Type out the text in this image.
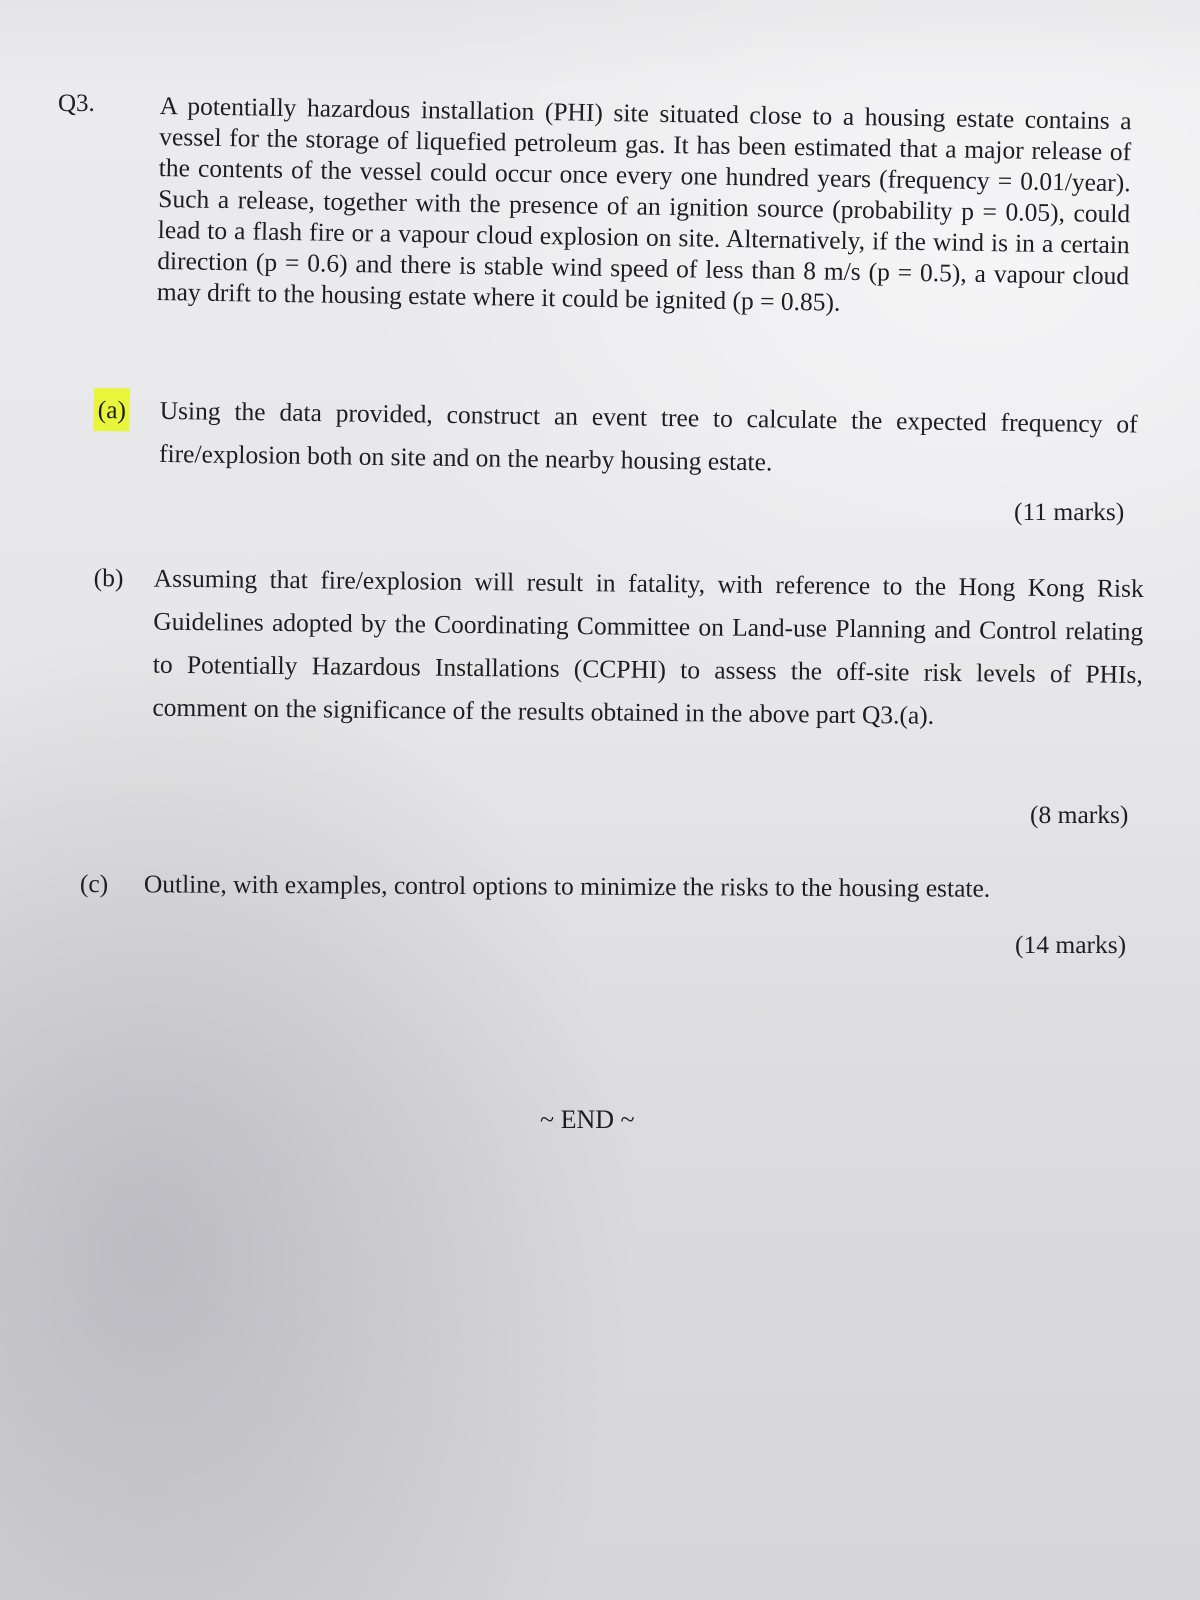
Q3.	A potentially hazardous installation (PHI) site situated close to a housing estate contains a vessel for the storage of liquefied petroleum gas. It has been estimated that a major release of the contents of the vessel could occur once every one hundred years (frequency = 0.01/year). Such a release, together with the presence of an ignition source (probability p = 0.05), could lead to a flash fire or a vapour cloud explosion on site. Alternatively, if the wind is in a certain direction (p = 0.6) and there is stable wind speed of less than 8 m/s (p = 0.5), a vapour cloud may drift to the housing estate where it could be ignited (p = 0.85).

(a) Using the data provided, construct an event tree to calculate the expected frequency of fire/explosion both on site and on the nearby housing estate.
(11 marks)
(b) Assuming that fire/explosion will result in fatality, with reference to the Hong Kong Risk Guidelines adopted by the Coordinating Committee on Land-use Planning and Control relating to Potentially Hazardous Installations (CCPHI) to assess the off-site risk levels of PHIs, comment on the significance of the results obtained in the above part Q3.(a).
(8 marks)
(c) Outline, with examples, control options to minimize the risks to the housing estate.
(14 marks)
~ END ~
